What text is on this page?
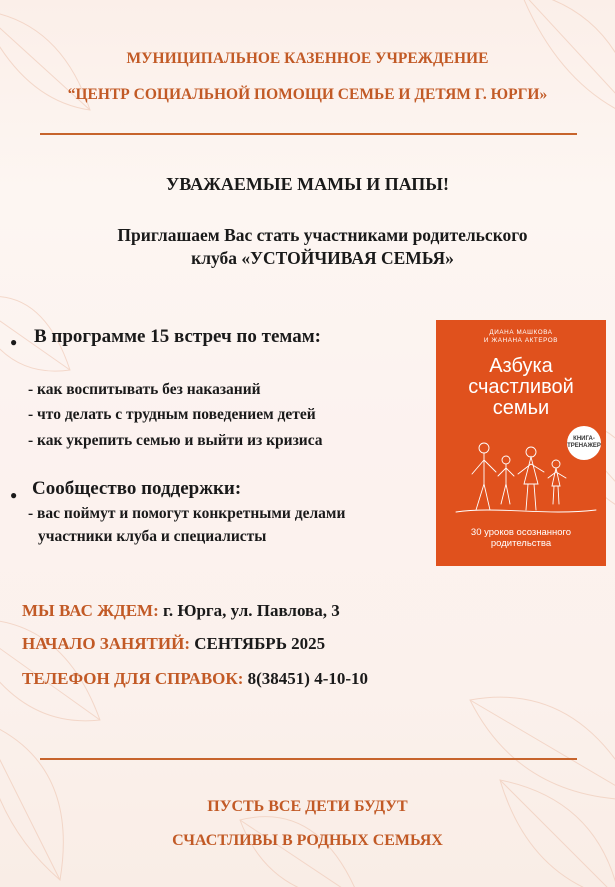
МУНИЦИПАЛЬНОЕ КАЗЕННОЕ УЧРЕЖДЕНИЕ
“ЦЕНТР СОЦИАЛЬНОЙ ПОМОЩИ СЕМЬЕ И ДЕТЯМ Г. ЮРГИ»
УВАЖАЕМЫЕ МАМЫ И ПАПЫ!
Приглашаем Вас стать участниками родительского
клуба «УСТОЙЧИВАЯ СЕМЬЯ»
● В программе 15 встреч по темам:
- как воспитывать без наказаний
- что делать с трудным поведением детей
- как укрепить семью и выйти из кризиса
● Сообщество поддержки:
- вас поймут и помогут конкретными делами
участники клуба и специалисты
ДИАНА МАШКОВА
И ЖАНАНА АКТЕРОВ
Азбука
счастливой
семьи
КНИГА-
ТРЕНАЖЕР
30 уроков осознанного
родительства
МЫ ВАС ЖДЕМ: г. Юрга, ул. Павлова, 3
НАЧАЛО ЗАНЯТИЙ: СЕНТЯБРЬ 2025
ТЕЛЕФОН ДЛЯ СПРАВОК: 8(38451) 4-10-10
ПУСТЬ ВСЕ ДЕТИ БУДУТ
СЧАСТЛИВЫ В РОДНЫХ СЕМЬЯХ
